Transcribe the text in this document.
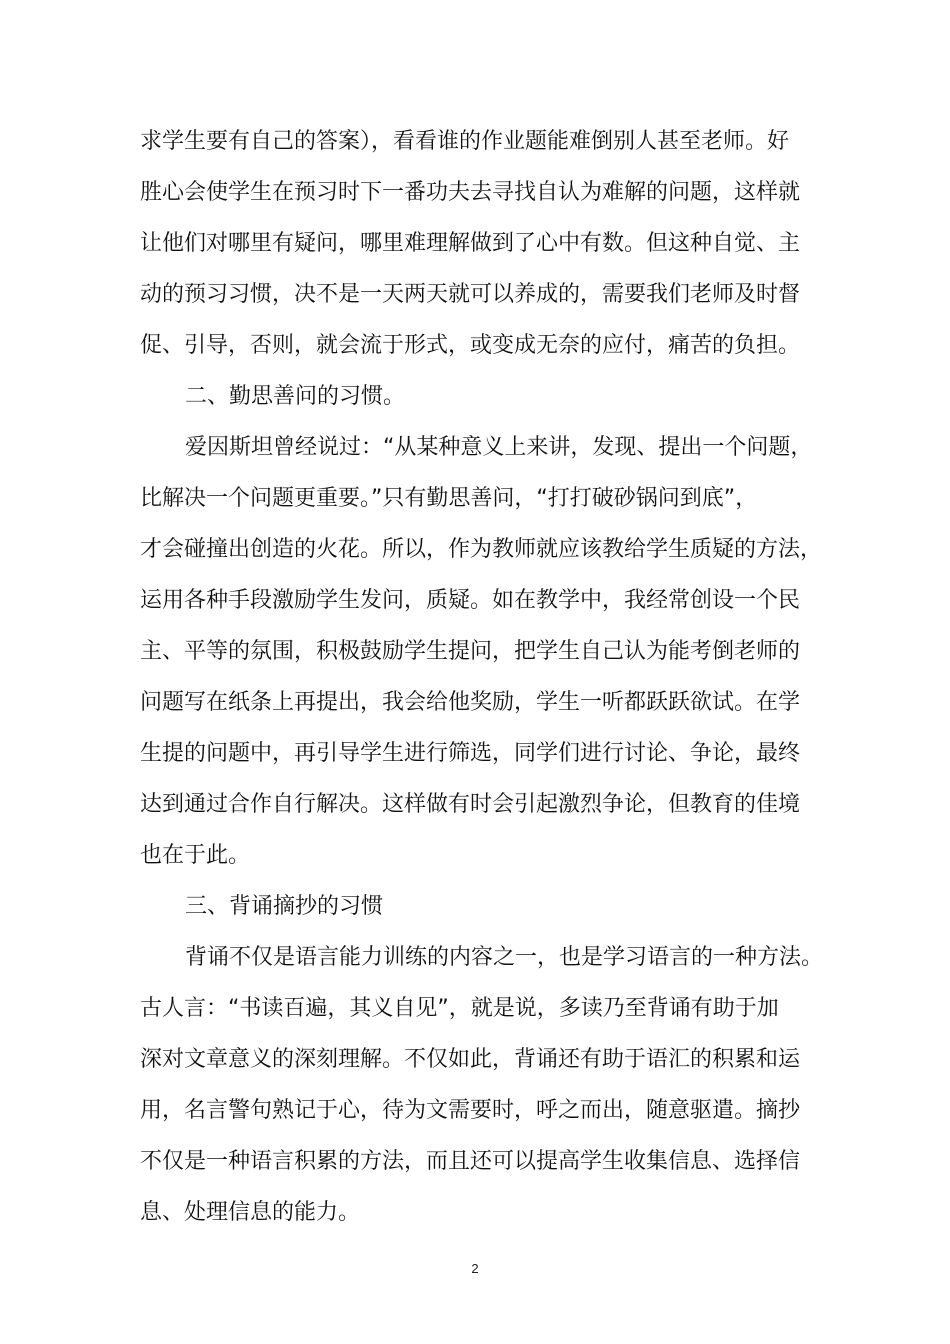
求学生要有自己的答案），看看谁的作业题能难倒别人甚至老师。好
胜心会使学生在预习时下一番功夫去寻找自认为难解的问题，这样就
让他们对哪里有疑问，哪里难理解做到了心中有数。但这种自觉、主
动的预习习惯，决不是一天两天就可以养成的，需要我们老师及时督
促、引导，否则，就会流于形式，或变成无奈的应付，痛苦的负担。
二、勤思善问的习惯。
爱因斯坦曾经说过：“从某种意义上来讲，发现、提出一个问题，
比解决一个问题更重要。”只有勤思善问，“打打破砂锅问到底”，
才会碰撞出创造的火花。所以，作为教师就应该教给学生质疑的方法，
运用各种手段激励学生发问，质疑。如在教学中，我经常创设一个民
主、平等的氛围，积极鼓励学生提问，把学生自己认为能考倒老师的
问题写在纸条上再提出，我会给他奖励，学生一听都跃跃欲试。在学
生提的问题中，再引导学生进行筛选，同学们进行讨论、争论，最终
达到通过合作自行解决。这样做有时会引起激烈争论，但教育的佳境
也在于此。
三、背诵摘抄的习惯
背诵不仅是语言能力训练的内容之一，也是学习语言的一种方法。
古人言：“书读百遍，其义自见”，就是说，多读乃至背诵有助于加
深对文章意义的深刻理解。不仅如此，背诵还有助于语汇的积累和运
用，名言警句熟记于心，待为文需要时，呼之而出，随意驱遣。摘抄
不仅是一种语言积累的方法，而且还可以提高学生收集信息、选择信
息、处理信息的能力。
2
